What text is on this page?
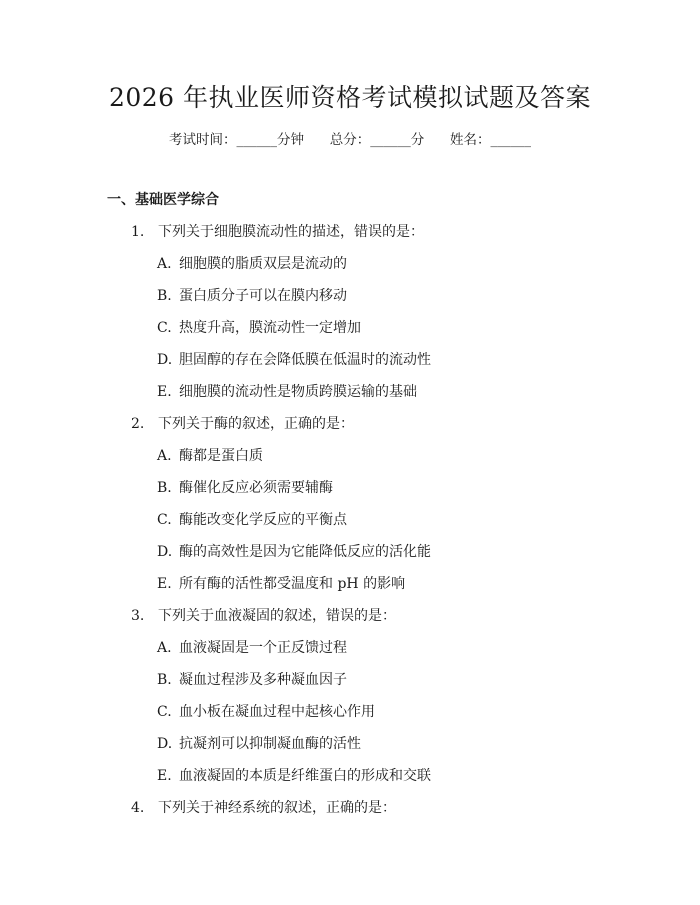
2026 年执业医师资格考试模拟试题及答案
考试时间：______分钟      总分：______分      姓名：______
一、基础医学综合
1. 下列关于细胞膜流动性的描述，错误的是：
A. 细胞膜的脂质双层是流动的
B. 蛋白质分子可以在膜内移动
C. 热度升高，膜流动性一定增加
D. 胆固醇的存在会降低膜在低温时的流动性
E. 细胞膜的流动性是物质跨膜运输的基础
2. 下列关于酶的叙述，正确的是：
A. 酶都是蛋白质
B. 酶催化反应必须需要辅酶
C. 酶能改变化学反应的平衡点
D. 酶的高效性是因为它能降低反应的活化能
E. 所有酶的活性都受温度和 pH 的影响
3. 下列关于血液凝固的叙述，错误的是：
A. 血液凝固是一个正反馈过程
B. 凝血过程涉及多种凝血因子
C. 血小板在凝血过程中起核心作用
D. 抗凝剂可以抑制凝血酶的活性
E. 血液凝固的本质是纤维蛋白的形成和交联
4. 下列关于神经系统的叙述，正确的是：
